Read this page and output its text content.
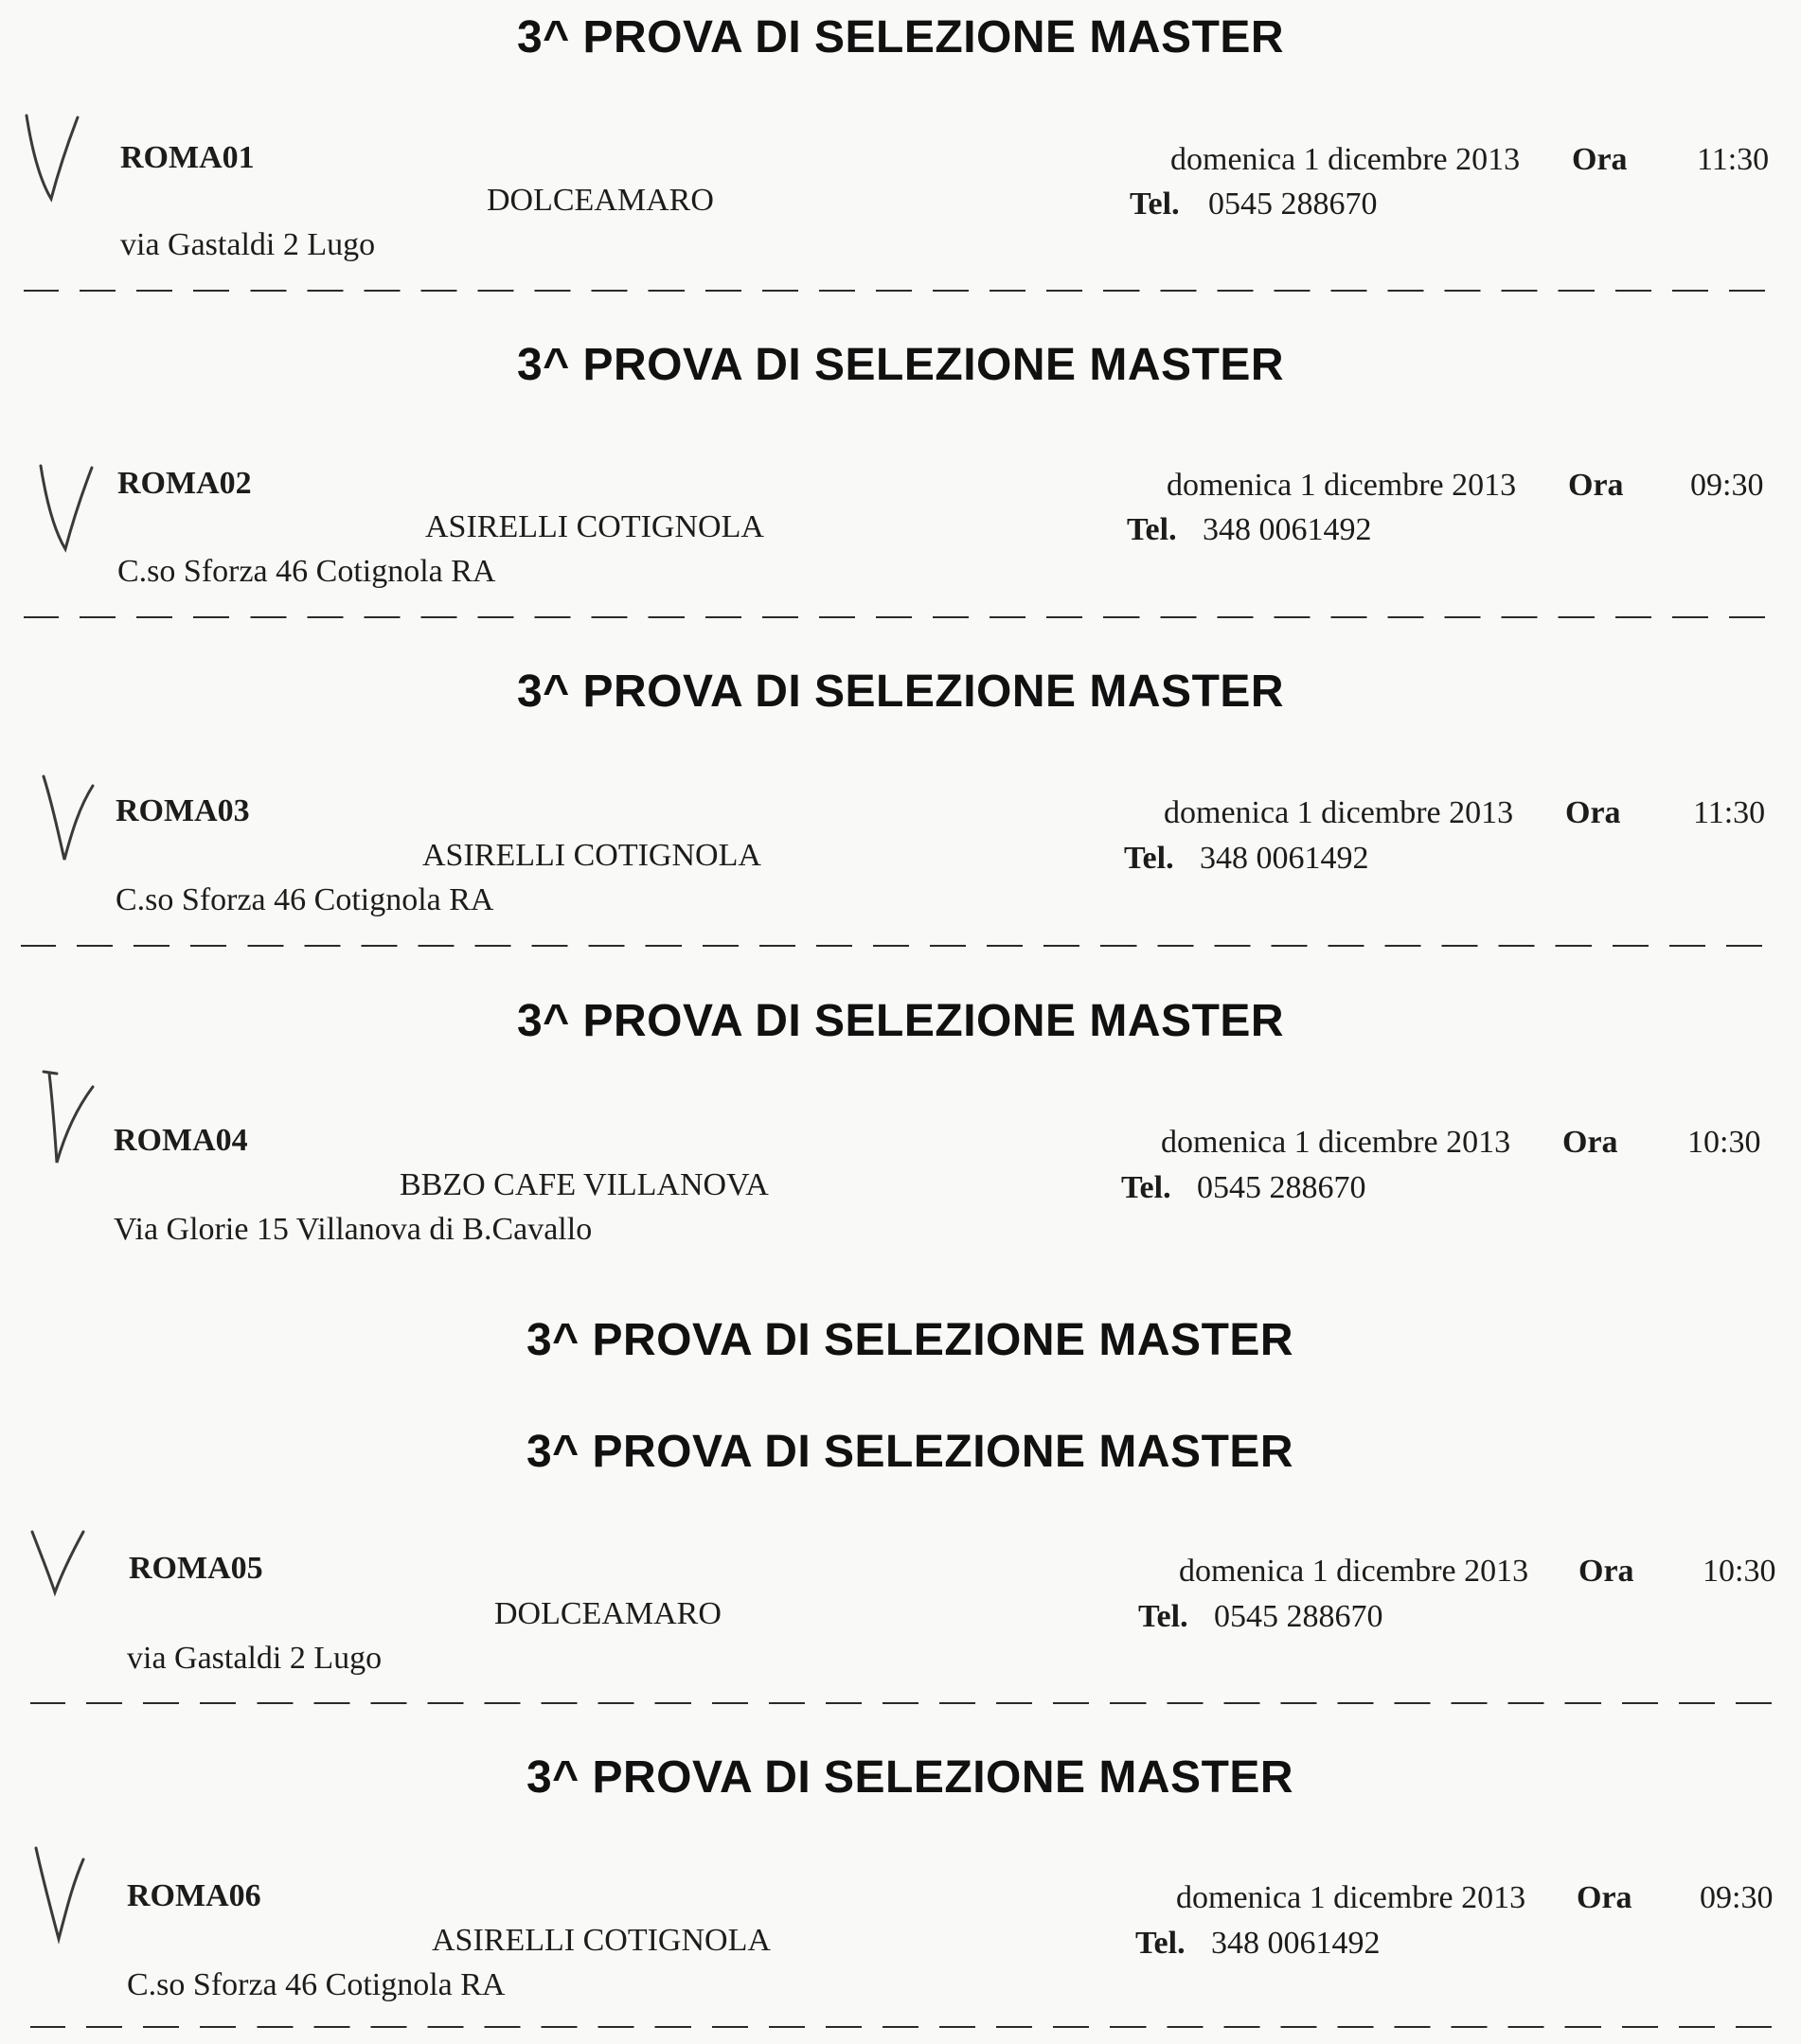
3^ PROVA DI SELEZIONE MASTER
ROMA01	domenica 1 dicembre 2013 Ora 11:30
DOLCEAMARO	Tel. 0545 288670
via Gastaldi 2 Lugo
3^ PROVA DI SELEZIONE MASTER
ROMA02	domenica 1 dicembre 2013 Ora 09:30
ASIRELLI COTIGNOLA	Tel. 348 0061492
C.so Sforza 46 Cotignola RA
3^ PROVA DI SELEZIONE MASTER
ROMA03	domenica 1 dicembre 2013 Ora 11:30
ASIRELLI COTIGNOLA	Tel. 348 0061492
C.so Sforza 46 Cotignola RA
3^ PROVA DI SELEZIONE MASTER
ROMA04	domenica 1 dicembre 2013 Ora 10:30
BBZO CAFE VILLANOVA	Tel. 0545 288670
Via Glorie 15 Villanova di B.Cavallo
3^ PROVA DI SELEZIONE MASTER
3^ PROVA DI SELEZIONE MASTER
ROMA05	domenica 1 dicembre 2013 Ora 10:30
DOLCEAMARO	Tel. 0545 288670
via Gastaldi 2 Lugo
3^ PROVA DI SELEZIONE MASTER
ROMA06	domenica 1 dicembre 2013 Ora 09:30
ASIRELLI COTIGNOLA	Tel. 348 0061492
C.so Sforza 46 Cotignola RA
